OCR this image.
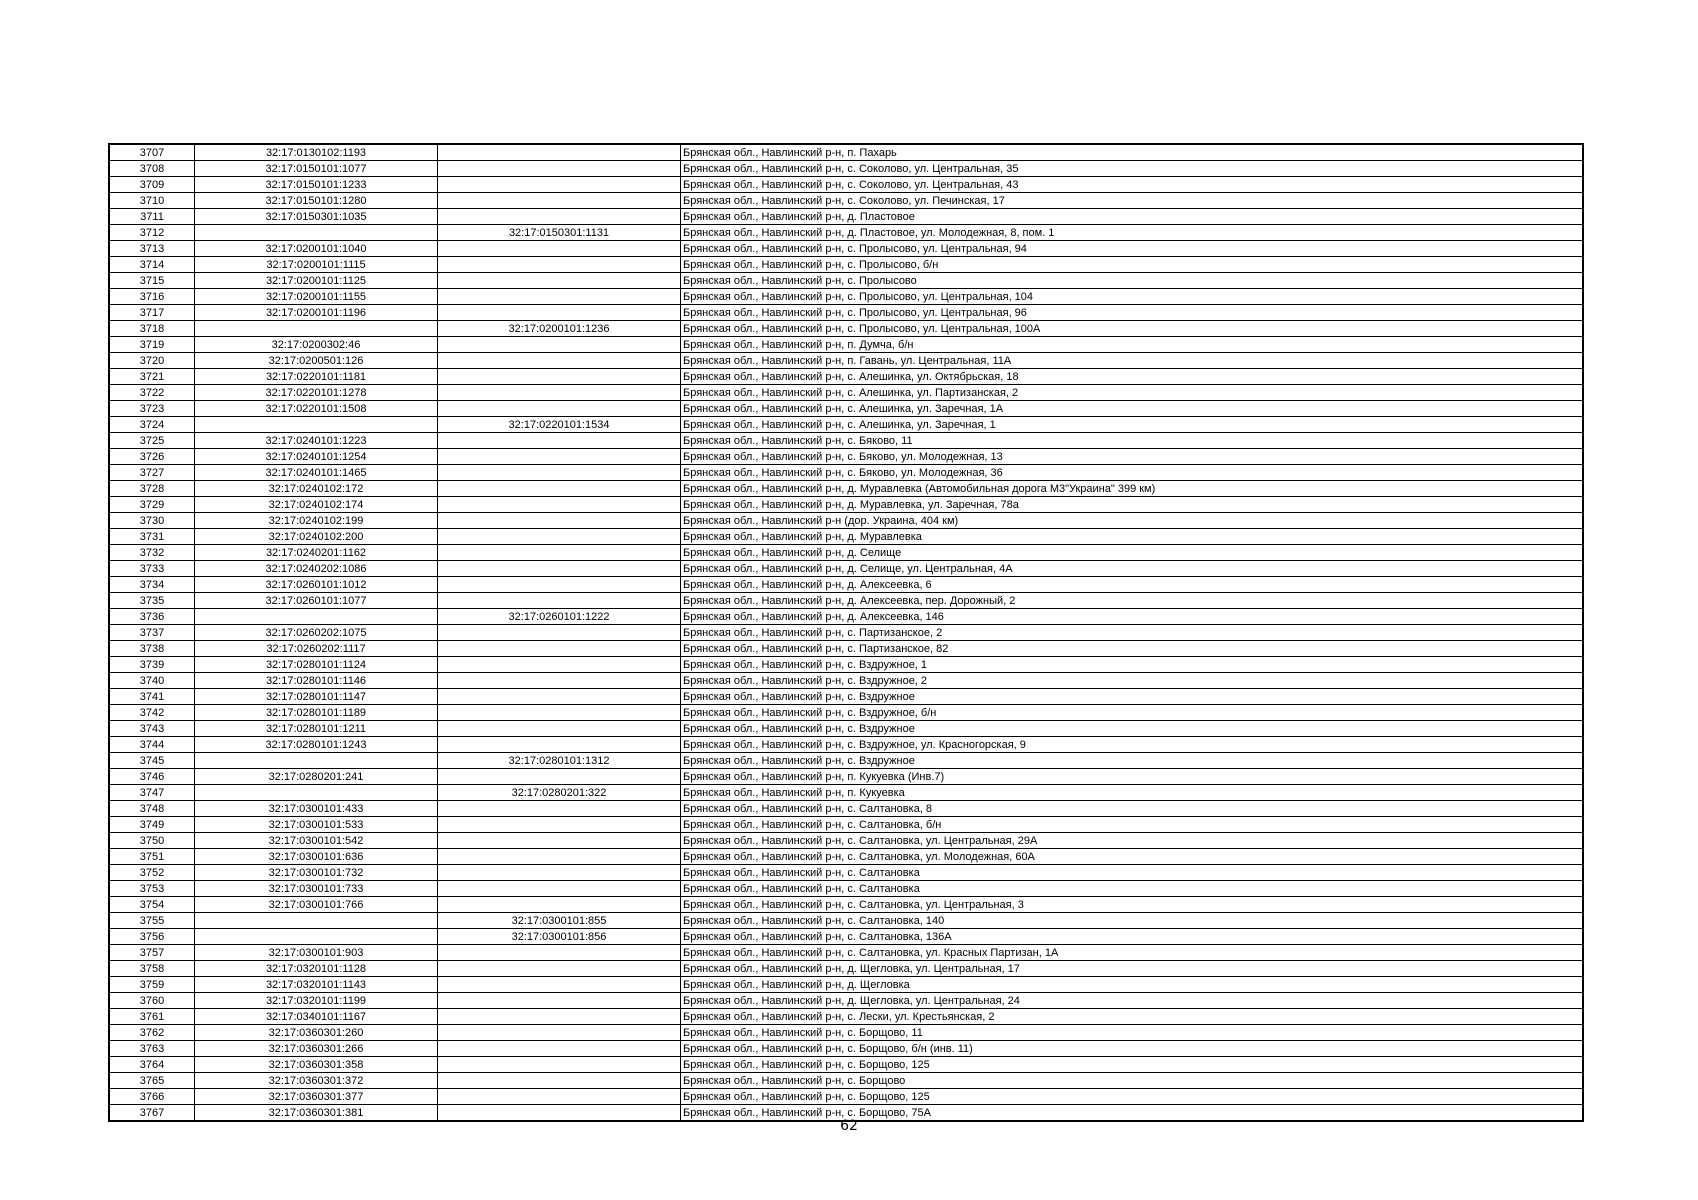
3707	32:17:0130102:1193		Брянская обл., Навлинский р-н, п. Пахарь
3708	32:17:0150101:1077		Брянская обл., Навлинский р-н, с. Соколово, ул. Центральная, 35
3709	32:17:0150101:1233		Брянская обл., Навлинский р-н, с. Соколово, ул. Центральная, 43
3710	32:17:0150101:1280		Брянская обл., Навлинский р-н, с. Соколово, ул. Печинская, 17
3711	32:17:0150301:1035		Брянская обл., Навлинский р-н, д. Пластовое
3712		32:17:0150301:1131	Брянская обл., Навлинский р-н, д. Пластовое, ул. Молодежная, 8, пом. 1
3713	32:17:0200101:1040		Брянская обл., Навлинский р-н, с. Пролысово, ул. Центральная, 94
3714	32:17:0200101:1115		Брянская обл., Навлинский р-н, с. Пролысово, б/н
3715	32:17:0200101:1125		Брянская обл., Навлинский р-н, с. Пролысово
3716	32:17:0200101:1155		Брянская обл., Навлинский р-н, с. Пролысово, ул. Центральная, 104
3717	32:17:0200101:1196		Брянская обл., Навлинский р-н, с. Пролысово, ул. Центральная, 96
3718		32:17:0200101:1236	Брянская обл., Навлинский р-н, с. Пролысово, ул. Центральная, 100А
3719	32:17:0200302:46		Брянская обл., Навлинский р-н, п. Думча, б/н
3720	32:17:0200501:126		Брянская обл., Навлинский р-н, п. Гавань, ул. Центральная, 11А
3721	32:17:0220101:1181		Брянская обл., Навлинский р-н, с. Алешинка, ул. Октябрьская, 18
3722	32:17:0220101:1278		Брянская обл., Навлинский р-н, с. Алешинка, ул. Партизанская, 2
3723	32:17:0220101:1508		Брянская обл., Навлинский р-н, с. Алешинка, ул. Заречная, 1А
3724		32:17:0220101:1534	Брянская обл., Навлинский р-н, с. Алешинка, ул. Заречная, 1
3725	32:17:0240101:1223		Брянская обл., Навлинский р-н, с. Бяково, 11
3726	32:17:0240101:1254		Брянская обл., Навлинский р-н, с. Бяково, ул. Молодежная, 13
3727	32:17:0240101:1465		Брянская обл., Навлинский р-н, с. Бяково, ул. Молодежная, 36
3728	32:17:0240102:172		Брянская обл., Навлинский р-н, д. Муравлевка (Автомобильная дорога М3"Украина" 399 км)
3729	32:17:0240102:174		Брянская обл., Навлинский р-н, д. Муравлевка, ул. Заречная, 78а
3730	32:17:0240102:199		Брянская обл., Навлинский р-н (дор. Украина, 404 км)
3731	32:17:0240102:200		Брянская обл., Навлинский р-н, д. Муравлевка
3732	32:17:0240201:1162		Брянская обл., Навлинский р-н, д. Селище
3733	32:17:0240202:1086		Брянская обл., Навлинский р-н, д. Селище, ул. Центральная, 4А
3734	32:17:0260101:1012		Брянская обл., Навлинский р-н, д. Алексеевка, 6
3735	32:17:0260101:1077		Брянская обл., Навлинский р-н, д. Алексеевка, пер. Дорожный, 2
3736		32:17:0260101:1222	Брянская обл., Навлинский р-н, д. Алексеевка, 146
3737	32:17:0260202:1075		Брянская обл., Навлинский р-н, с. Партизанское, 2
3738	32:17:0260202:1117		Брянская обл., Навлинский р-н, с. Партизанское, 82
3739	32:17:0280101:1124		Брянская обл., Навлинский р-н, с. Вздружное, 1
3740	32:17:0280101:1146		Брянская обл., Навлинский р-н, с. Вздружное, 2
3741	32:17:0280101:1147		Брянская обл., Навлинский р-н, с. Вздружное
3742	32:17:0280101:1189		Брянская обл., Навлинский р-н, с. Вздружное, б/н
3743	32:17:0280101:1211		Брянская обл., Навлинский р-н, с. Вздружное
3744	32:17:0280101:1243		Брянская обл., Навлинский р-н, с. Вздружное, ул. Красногорская, 9
3745		32:17:0280101:1312	Брянская обл., Навлинский р-н, с. Вздружное
3746	32:17:0280201:241		Брянская обл., Навлинский р-н, п. Кукуевка (Инв.7)
3747		32:17:0280201:322	Брянская обл., Навлинский р-н, п. Кукуевка
3748	32:17:0300101:433		Брянская обл., Навлинский р-н, с. Салтановка, 8
3749	32:17:0300101:533		Брянская обл., Навлинский р-н, с. Салтановка, б/н
3750	32:17:0300101:542		Брянская обл., Навлинский р-н, с. Салтановка, ул. Центральная, 29А
3751	32:17:0300101:636		Брянская обл., Навлинский р-н, с. Салтановка, ул. Молодежная, 60А
3752	32:17:0300101:732		Брянская обл., Навлинский р-н, с. Салтановка
3753	32:17:0300101:733		Брянская обл., Навлинский р-н, с. Салтановка
3754	32:17:0300101:766		Брянская обл., Навлинский р-н, с. Салтановка, ул. Центральная, 3
3755		32:17:0300101:855	Брянская обл., Навлинский р-н, с. Салтановка, 140
3756		32:17:0300101:856	Брянская обл., Навлинский р-н, с. Салтановка, 136А
3757	32:17:0300101:903		Брянская обл., Навлинский р-н, с. Салтановка, ул. Красных Партизан, 1А
3758	32:17:0320101:1128		Брянская обл., Навлинский р-н, д. Щегловка, ул. Центральная, 17
3759	32:17:0320101:1143		Брянская обл., Навлинский р-н, д. Щегловка
3760	32:17:0320101:1199		Брянская обл., Навлинский р-н, д. Щегловка, ул. Центральная, 24
3761	32:17:0340101:1167		Брянская обл., Навлинский р-н, с. Лески, ул. Крестьянская, 2
3762	32:17:0360301:260		Брянская обл., Навлинский р-н, с. Борщово, 11
3763	32:17:0360301:266		Брянская обл., Навлинский р-н, с. Борщово, б/н (инв. 11)
3764	32:17:0360301:358		Брянская обл., Навлинский р-н, с. Борщово, 125
3765	32:17:0360301:372		Брянская обл., Навлинский р-н, с. Борщово
3766	32:17:0360301:377		Брянская обл., Навлинский р-н, с. Борщово, 125
3767	32:17:0360301:381		Брянская обл., Навлинский р-н, с. Борщово, 75А
62
